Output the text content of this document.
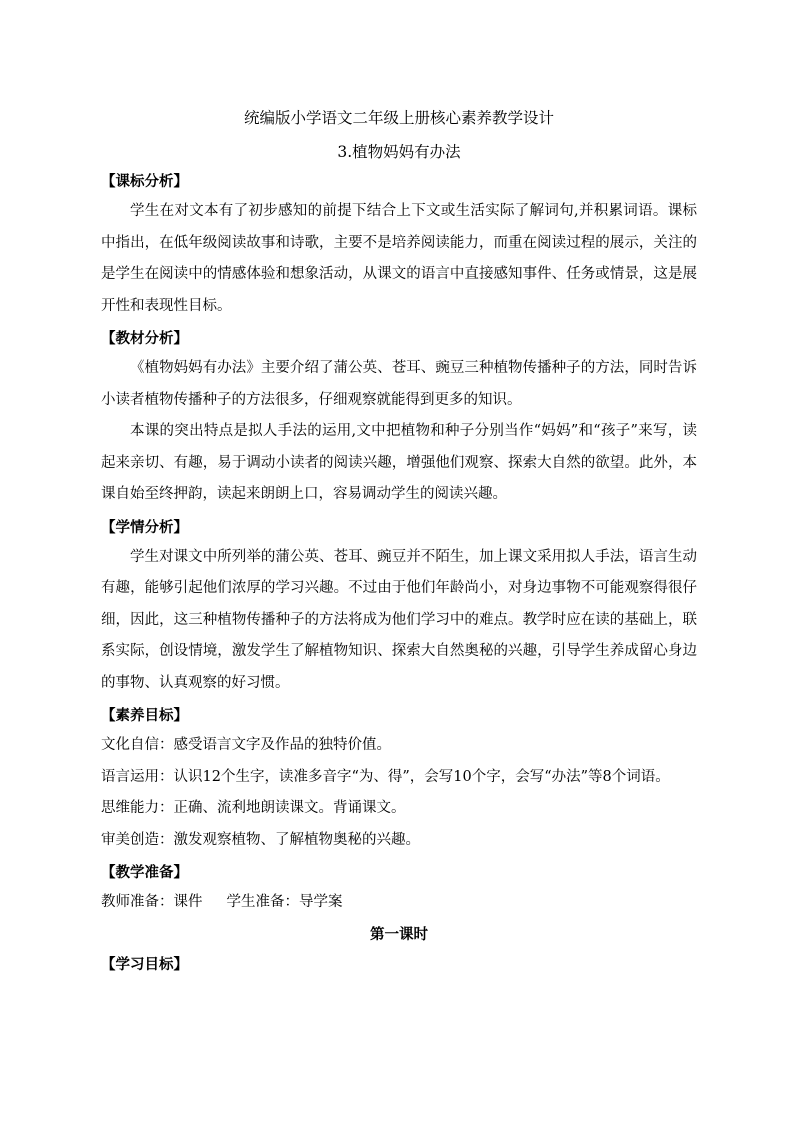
统编版小学语文二年级上册核心素养教学设计

3.植物妈妈有办法

【课标分析】

学生在对文本有了初步感知的前提下结合上下文或生活实际了解词句,并积累词语。课标中指出，在低年级阅读故事和诗歌，主要不是培养阅读能力，而重在阅读过程的展示，关注的是学生在阅读中的情感体验和想象活动，从课文的语言中直接感知事件、任务或情景，这是展开性和表现性目标。

【教材分析】

《植物妈妈有办法》主要介绍了蒲公英、苍耳、豌豆三种植物传播种子的方法，同时告诉小读者植物传播种子的方法很多，仔细观察就能得到更多的知识。

本课的突出特点是拟人手法的运用,文中把植物和种子分别当作“妈妈”和“孩子”来写，读起来亲切、有趣，易于调动小读者的阅读兴趣，增强他们观察、探索大自然的欲望。此外，本课自始至终押韵，读起来朗朗上口，容易调动学生的阅读兴趣。

【学情分析】

学生对课文中所列举的蒲公英、苍耳、豌豆并不陌生，加上课文采用拟人手法，语言生动有趣，能够引起他们浓厚的学习兴趣。不过由于他们年龄尚小，对身边事物不可能观察得很仔细，因此，这三种植物传播种子的方法将成为他们学习中的难点。教学时应在读的基础上，联系实际，创设情境，激发学生了解植物知识、探索大自然奥秘的兴趣，引导学生养成留心身边的事物、认真观察的好习惯。

【素养目标】

文化自信：感受语言文字及作品的独特价值。

语言运用：认识12个生字，读准多音字“为、得”，会写10个字，会写“办法”等8个词语。

思维能力：正确、流利地朗读课文。背诵课文。

审美创造：激发观察植物、了解植物奥秘的兴趣。

【教学准备】

教师准备：课件 学生准备：导学案

第一课时

【学习目标】
